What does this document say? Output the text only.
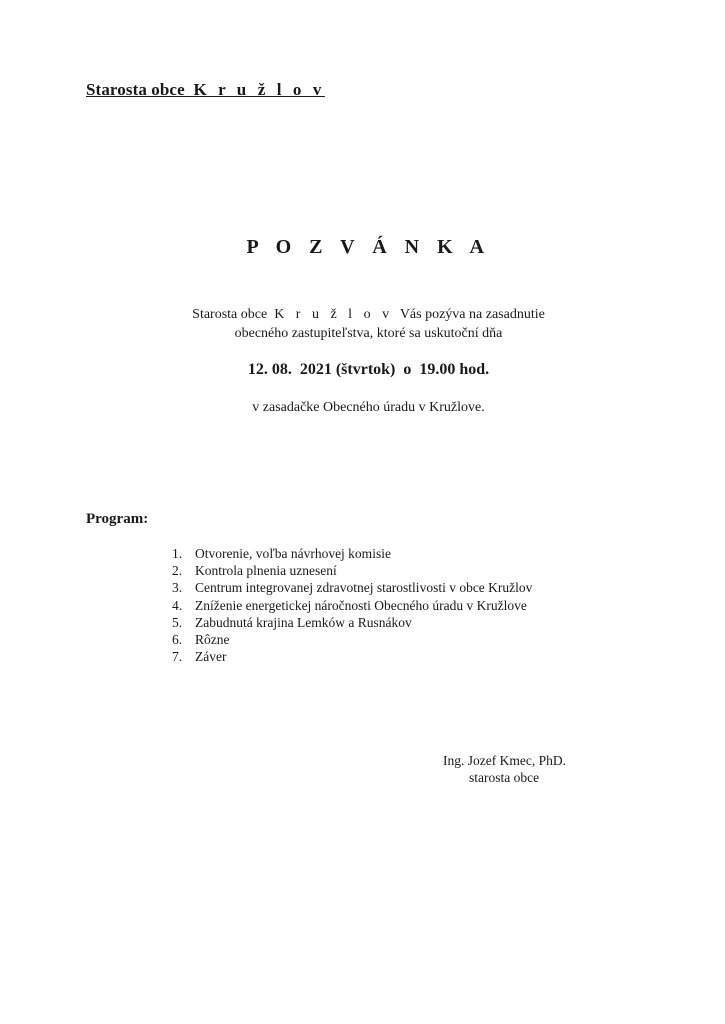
Starosta obce  K r u ž l o v
P O Z V Á N K A
Starosta obce  K r u ž l o v  Vás pozýva na zasadnutie
obecného zastupiteľstva, ktoré sa uskutoční dňa
12. 08.  2021 (štvrtok)  o  19.00 hod.
v zasadačke Obecného úradu v Kružlove.
Program:
1. Otvorenie, voľba návrhovej komisie
2. Kontrola plnenia uznesení
3. Centrum integrovanej zdravotnej starostlivosti v obce Kružlov
4. Zníženie energetickej náročnosti Obecného úradu v Kružlove
5. Zabudnutá krajina Lemków a Rusnákov
6. Rôzne
7. Záver
Ing. Jozef Kmec, PhD.
starosta obce
